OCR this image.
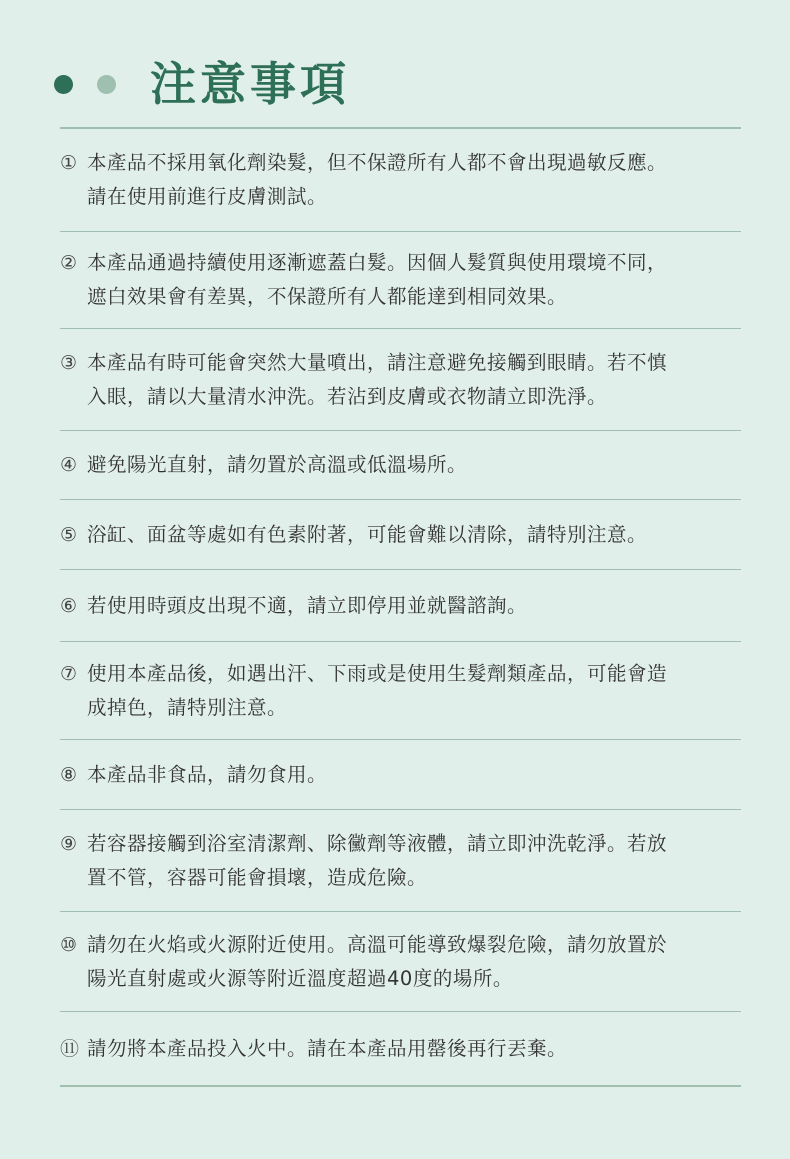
注意事項
① 本產品不採用氧化劑染髮，但不保證所有人都不會出現過敏反應。
請在使用前進行皮膚測試。
② 本產品通過持續使用逐漸遮蓋白髮。因個人髮質與使用環境不同，
遮白效果會有差異，不保證所有人都能達到相同效果。
③ 本產品有時可能會突然大量噴出，請注意避免接觸到眼睛。若不慎
入眼，請以大量清水沖洗。若沾到皮膚或衣物請立即洗淨。
④ 避免陽光直射，請勿置於高溫或低溫場所。
⑤ 浴缸、面盆等處如有色素附著，可能會難以清除，請特別注意。
⑥ 若使用時頭皮出現不適，請立即停用並就醫諮詢。
⑦ 使用本產品後，如遇出汗、下雨或是使用生髮劑類產品，可能會造
成掉色，請特別注意。
⑧ 本產品非食品，請勿食用。
⑨ 若容器接觸到浴室清潔劑、除黴劑等液體，請立即沖洗乾淨。若放
置不管，容器可能會損壞，造成危險。
⑩ 請勿在火焰或火源附近使用。高溫可能導致爆裂危險，請勿放置於
陽光直射處或火源等附近溫度超過40度的場所。
⑪ 請勿將本產品投入火中。請在本產品用罄後再行丟棄。
